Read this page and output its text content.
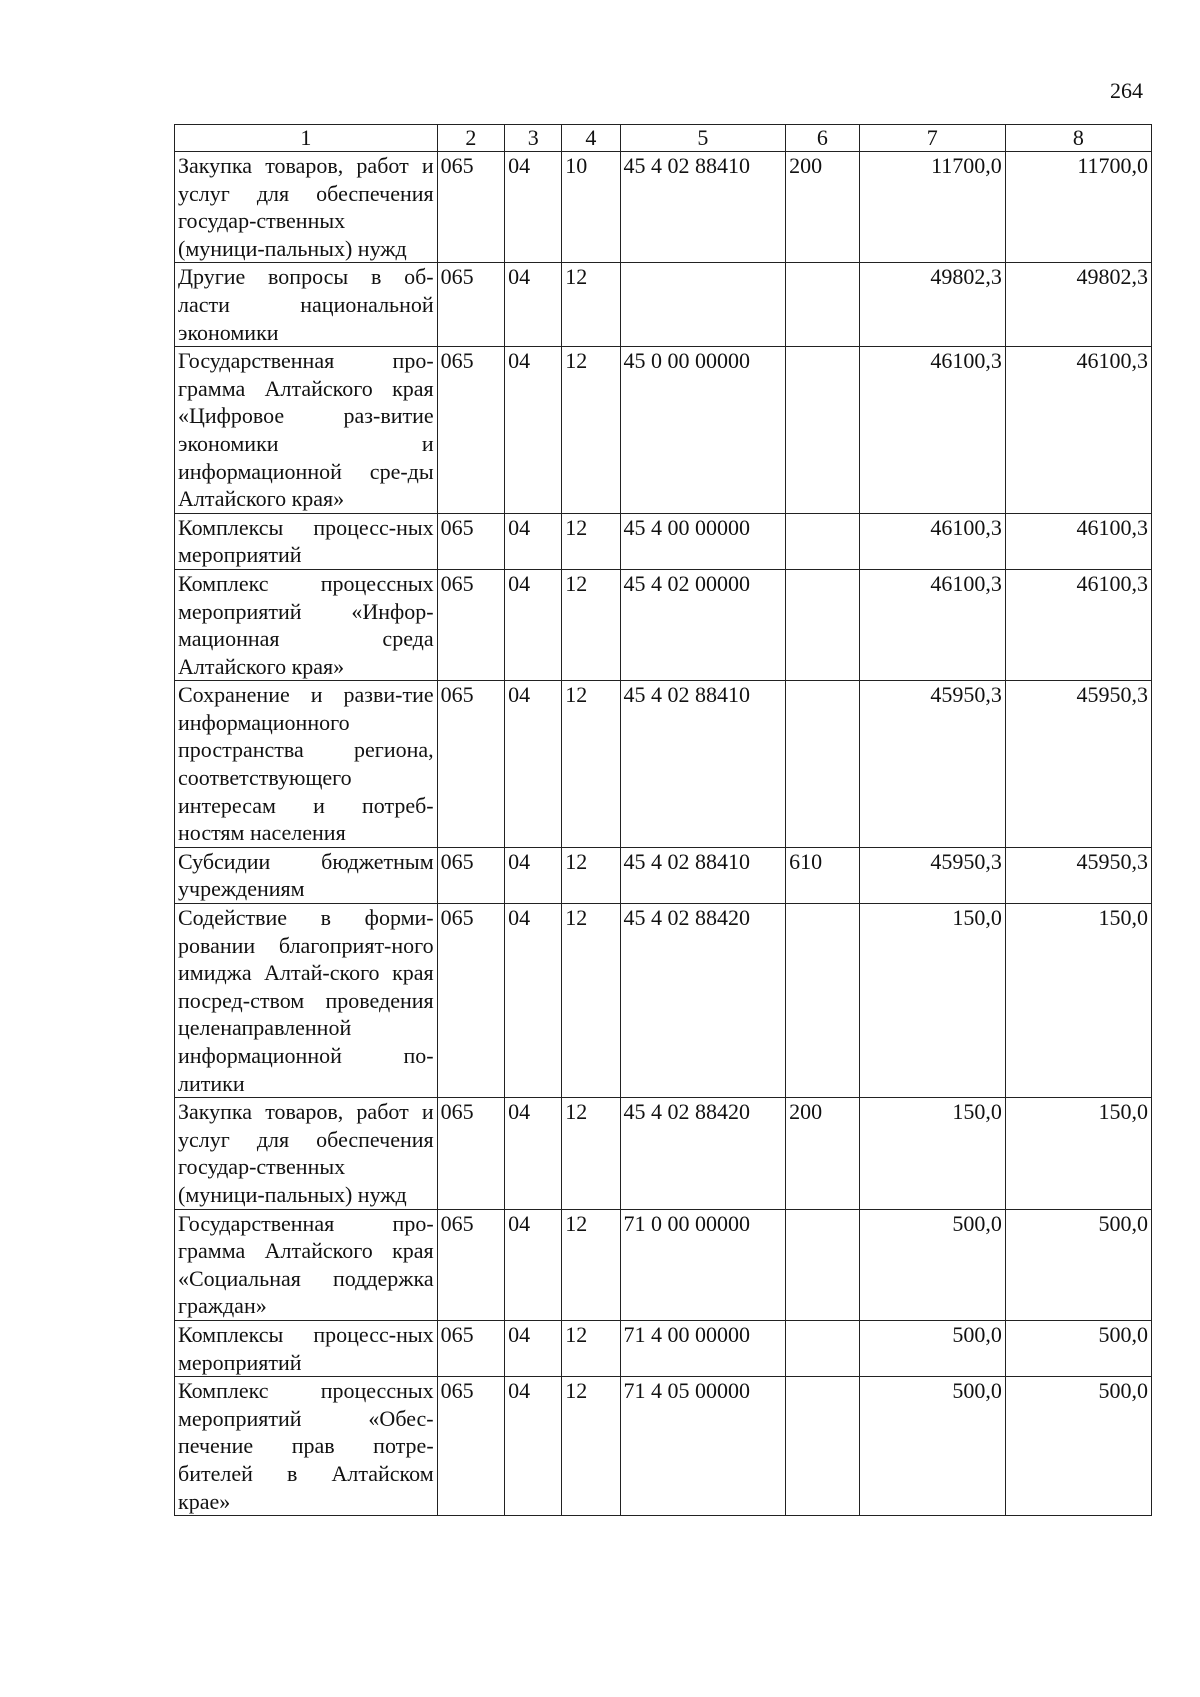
264
1	2	3	4	5	6	7	8
Закупка товаров, работ и услуг для обеспечения государ-ственных (муници-пальных) нужд	065	04	10	45 4 02 88410	200	11700,0	11700,0
Другие вопросы в об-ласти национальной экономики	065	04	12			49802,3	49802,3
Государственная про-грамма Алтайского края «Цифровое раз-витие экономики и информационной сре-ды Алтайского края»	065	04	12	45 0 00 00000		46100,3	46100,3
Комплексы процесс-ных мероприятий	065	04	12	45 4 00 00000		46100,3	46100,3
Комплекс процессных мероприятий «Инфор-мационная среда Алтайского края»	065	04	12	45 4 02 00000		46100,3	46100,3
Сохранение и разви-тие информационного пространства региона, соответствующего интересам и потреб-ностям населения	065	04	12	45 4 02 88410		45950,3	45950,3
Субсидии бюджетным учреждениям	065	04	12	45 4 02 88410	610	45950,3	45950,3
Содействие в форми-ровании благоприят-ного имиджа Алтай-ского края посред-ством проведения целенаправленной информационной по-литики	065	04	12	45 4 02 88420		150,0	150,0
Закупка товаров, работ и услуг для обеспечения государ-ственных (муници-пальных) нужд	065	04	12	45 4 02 88420	200	150,0	150,0
Государственная про-грамма Алтайского края «Социальная поддержка граждан»	065	04	12	71 0 00 00000		500,0	500,0
Комплексы процесс-ных мероприятий	065	04	12	71 4 00 00000		500,0	500,0
Комплекс процессных мероприятий «Обес-печение прав потре-бителей в Алтайском крае»	065	04	12	71 4 05 00000		500,0	500,0
